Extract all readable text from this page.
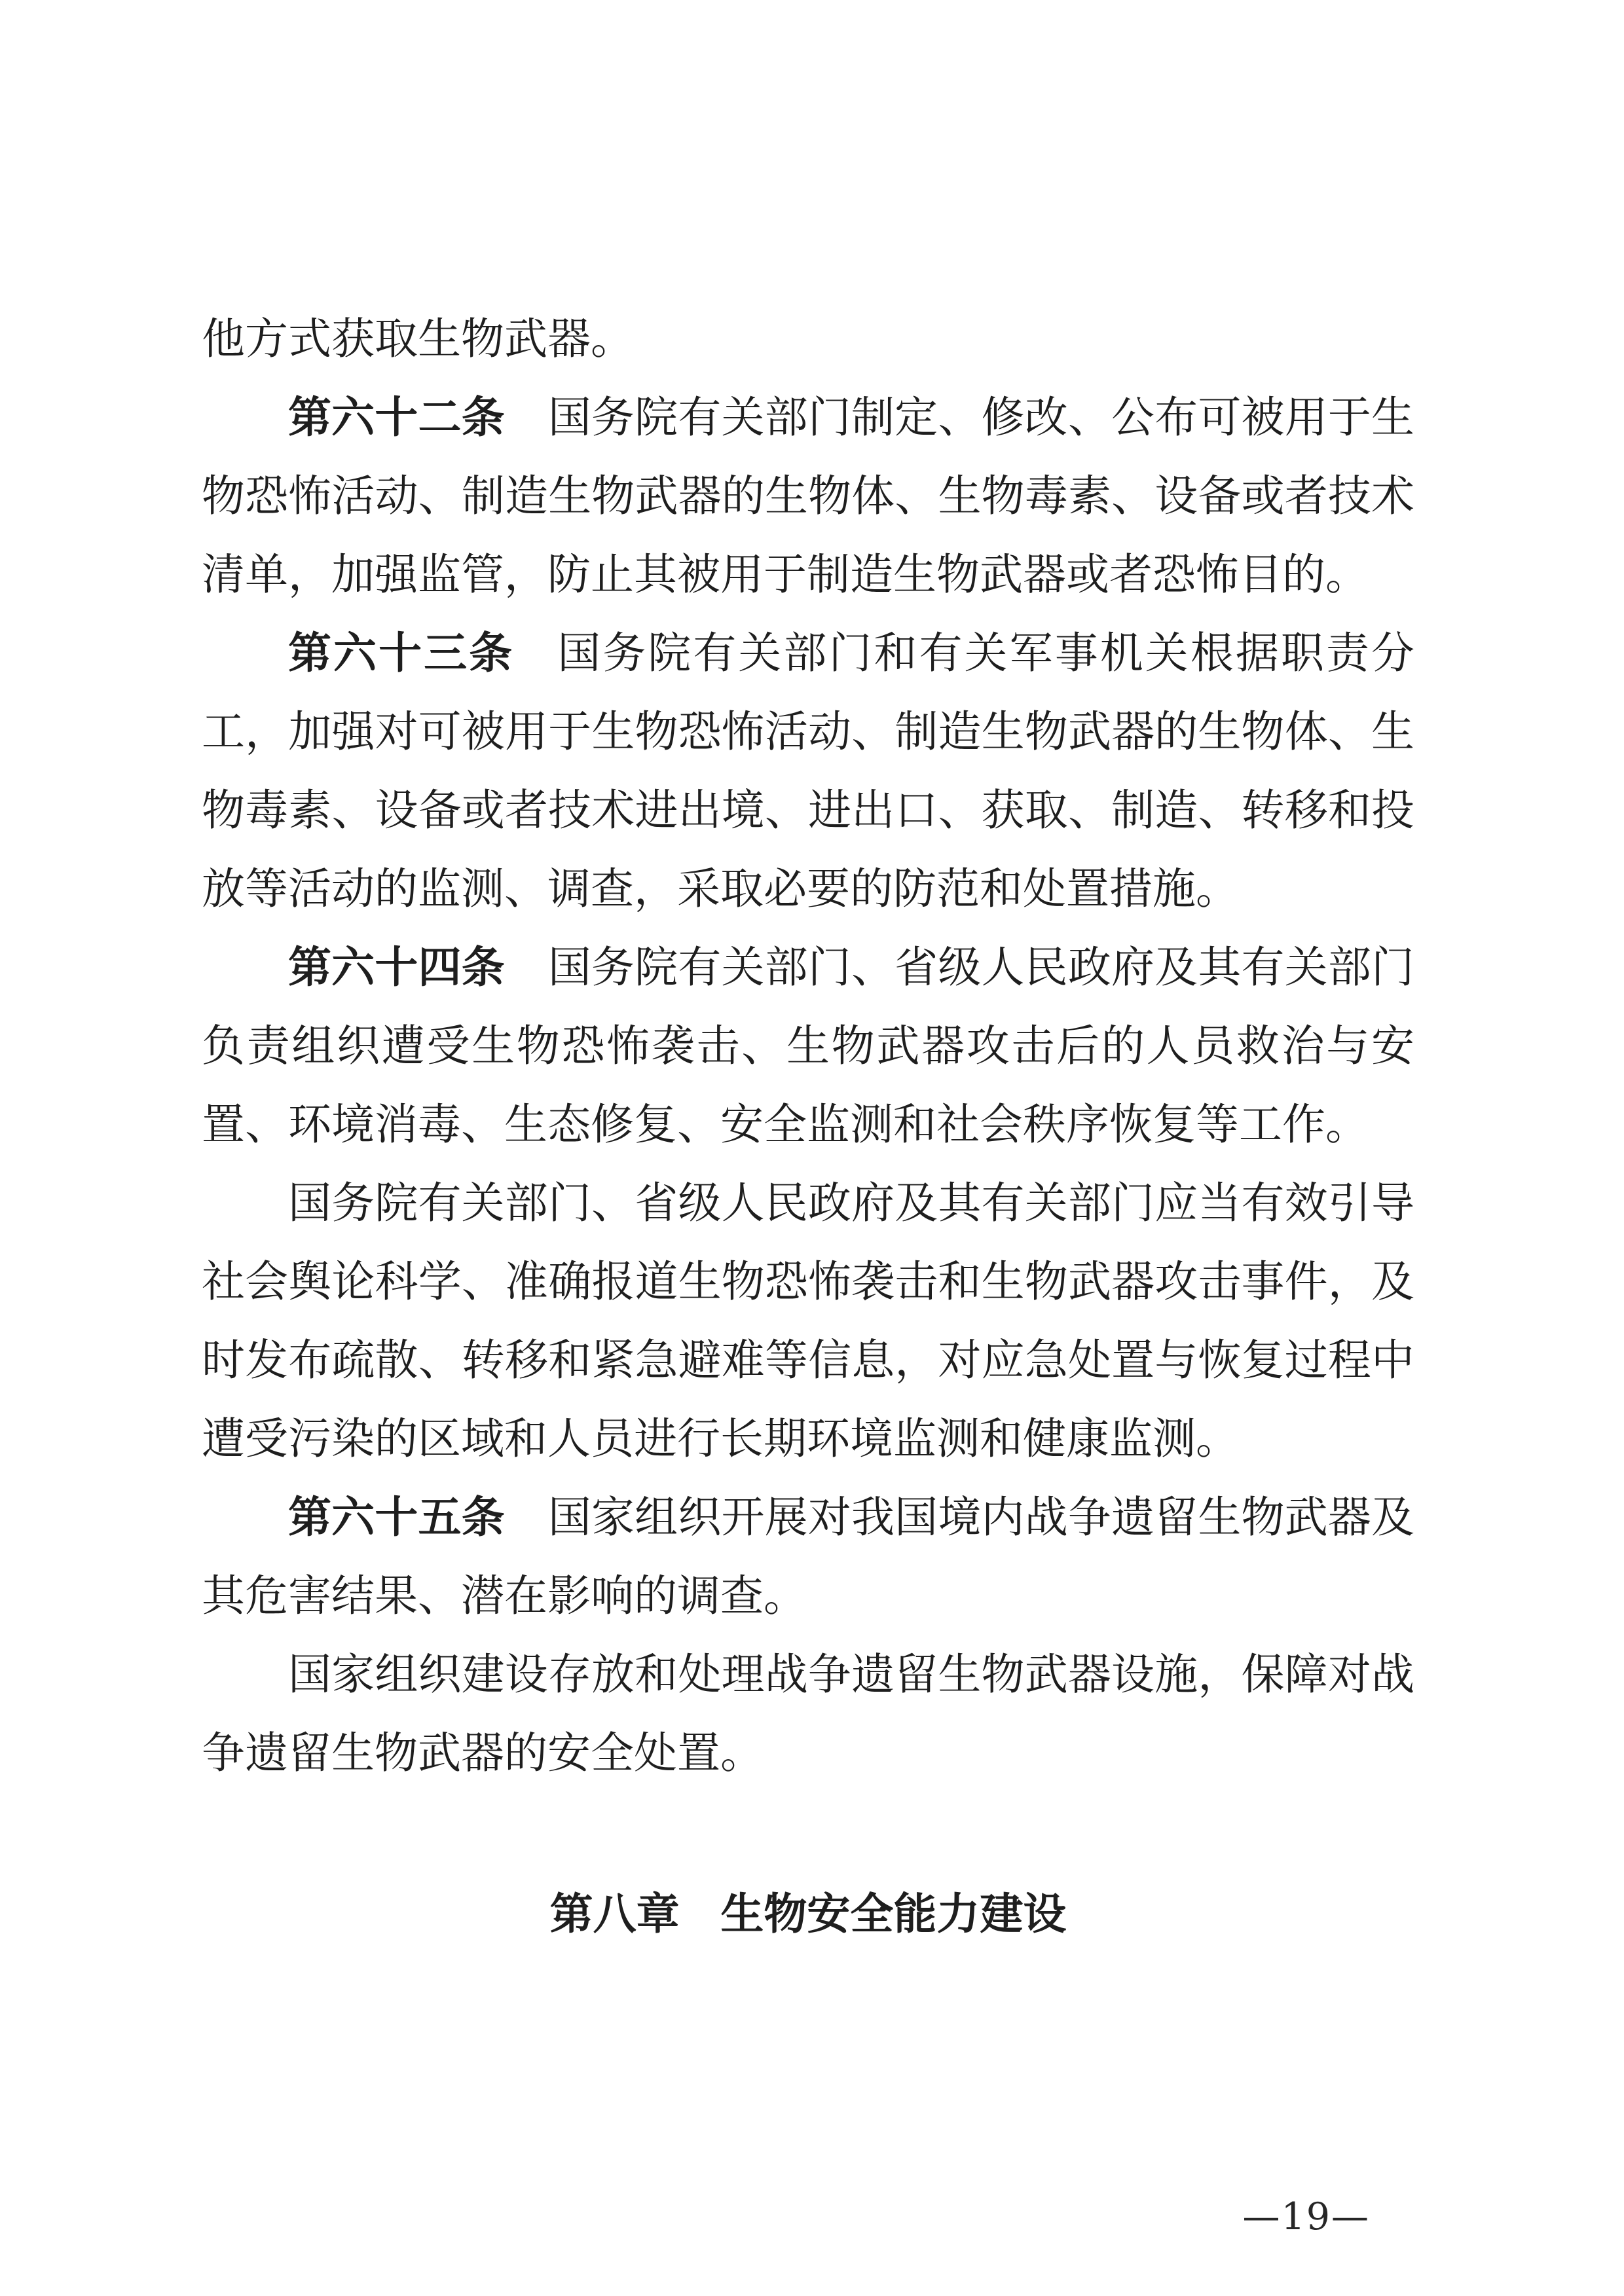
他方式获取生物武器。

第六十二条 国务院有关部门制定、修改、公布可被用于生物恐怖活动、制造生物武器的生物体、生物毒素、设备或者技术清单，加强监管，防止其被用于制造生物武器或者恐怖目的。

第六十三条 国务院有关部门和有关军事机关根据职责分工，加强对可被用于生物恐怖活动、制造生物武器的生物体、生物毒素、设备或者技术进出境、进出口、获取、制造、转移和投放等活动的监测、调查，采取必要的防范和处置措施。

第六十四条 国务院有关部门、省级人民政府及其有关部门负责组织遭受生物恐怖袭击、生物武器攻击后的人员救治与安置、环境消毒、生态修复、安全监测和社会秩序恢复等工作。

国务院有关部门、省级人民政府及其有关部门应当有效引导社会舆论科学、准确报道生物恐怖袭击和生物武器攻击事件，及时发布疏散、转移和紧急避难等信息，对应急处置与恢复过程中遭受污染的区域和人员进行长期环境监测和健康监测。

第六十五条 国家组织开展对我国境内战争遗留生物武器及其危害结果、潜在影响的调查。

国家组织建设存放和处理战争遗留生物武器设施，保障对战争遗留生物武器的安全处置。

第八章 生物安全能力建设
—19—
